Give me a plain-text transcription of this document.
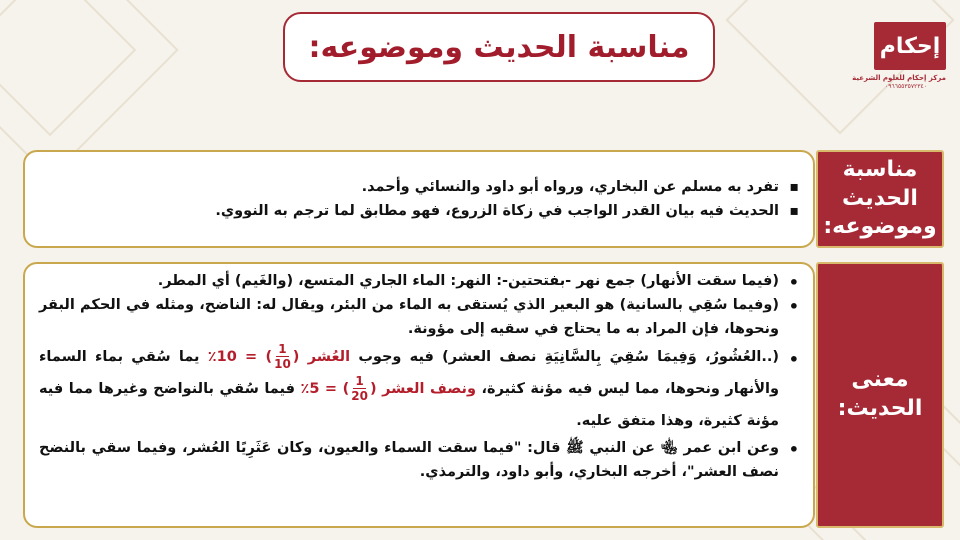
مناسبة الحديث وموضوعه:	إحكام
مركز إحكام للعلوم الشرعية
٠٩٦٦٥٥٣٥٧٢٣٤٠
مناسبة الحديث وموضوعه:
▪ تفرد به مسلم عن البخاري، ورواه أبو داود والنسائي وأحمد.
▪ الحديث فيه بيان القدر الواجب في زكاة الزروع، فهو مطابق لما ترجم به النووي.
معنى الحديث:
• (فيما سقت الأنهار) جمع نهر -بفتحتين-: النهر: الماء الجاري المتسع، (والغَيم) أي المطر.
• (وفيما سُقِي بالسانية) هو البعير الذي يُستقى به الماء من البئر، ويقال له: الناضح، ومثله في الحكم البقر ونحوها، فإن المراد به ما يحتاج في سقيه إلى مؤونة.
• (..العُشُورُ، وَفِيمَا سُقِيَ بِالسَّانِيَةِ نصف العشر) فيه وجوب العُشر (
$\frac{1}{10}$
) = 10٪ يما سُقي بماء السماء والأنهار ونحوها، مما ليس فيه مؤنة كثيرة، ونصف العشر (
$\frac{1}{20}$
) = 5٪ فيما سُقي بالنواضح وغيرها مما فيه مؤنة كثيرة، وهذا متفق عليه.
• وعن ابن عمر ﵄ عن النبي ﷺ قال: "فيما سقت السماء والعيون، وكان عَثَرِيًا العُشر، وفيما سقي بالنضح نصف العشر"، أخرجه البخاري، وأبو داود، والترمذي.
